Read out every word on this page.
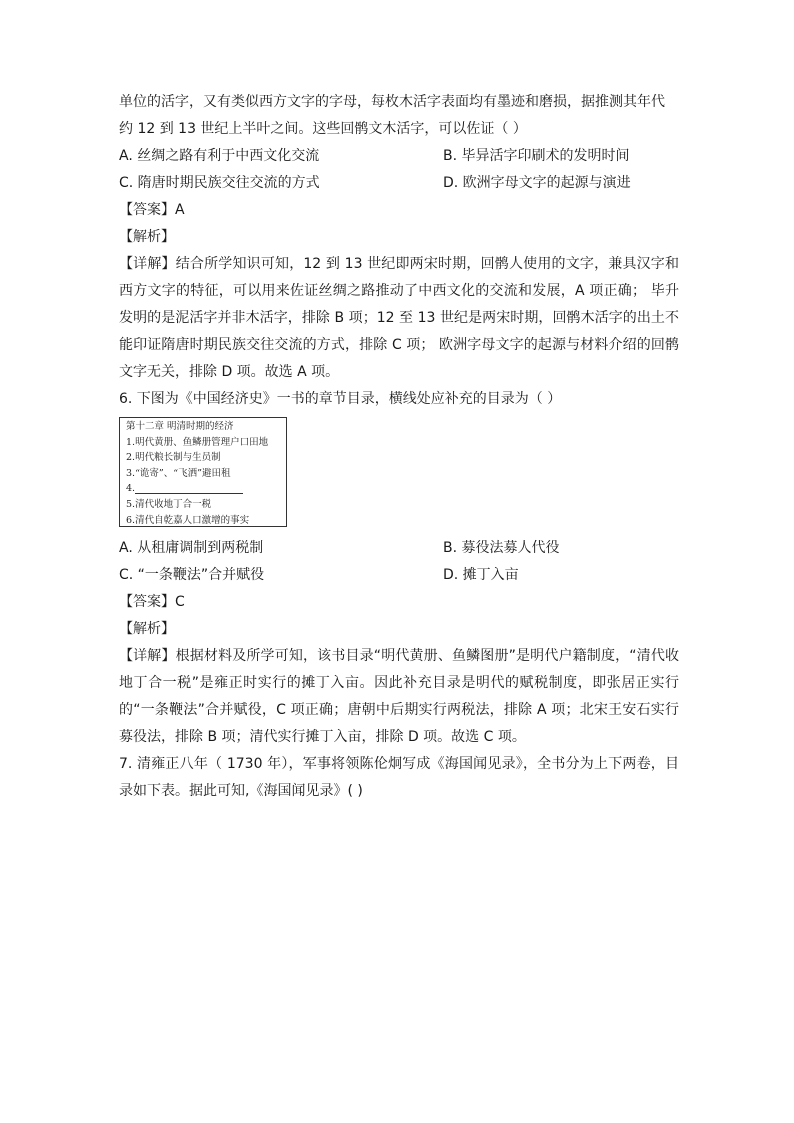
单位的活字，又有类似西方文字的字母，每枚木活字表面均有墨迹和磨损，据推测其年代
约 12 到 13 世纪上半叶之间。这些回鹘文木活字，可以佐证（ ）
A. 丝绸之路有利于中西文化交流	B. 毕异活字印刷术的发明时间
C. 隋唐时期民族交往交流的方式	D. 欧洲字母文字的起源与演进
【答案】A
【解析】
【详解】结合所学知识可知，12 到 13 世纪即两宋时期，回鹘人使用的文字，兼具汉字和西方文字的特征，可以用来佐证丝绸之路推动了中西文化的交流和发展，A 项正确； 毕升发明的是泥活字并非木活字，排除 B 项；12 至 13 世纪是两宋时期，回鹘木活字的出土不能印证隋唐时期民族交往交流的方式，排除 C 项； 欧洲字母文字的起源与材料介绍的回鹘文字无关，排除 D 项。故选 A 项。
6. 下图为《中国经济史》一书的章节目录，横线处应补充的目录为（ ）
第十二章 明清时期的经济
1.明代黄册、鱼鳞册管理户口田地
2.明代粮长制与生员制
3.“诡寄”、“飞洒”避田租
4.
5.清代收地丁合一税
6.清代自乾嘉人口激增的事实
A. 从租庸调制到两税制	B. 募役法募人代役
C. “一条鞭法”合并赋役	D. 摊丁入亩
【答案】C
【解析】
【详解】根据材料及所学可知，该书目录“明代黄册、鱼鳞图册”是明代户籍制度，“清代收地丁合一税”是雍正时实行的摊丁入亩。因此补充目录是明代的赋税制度，即张居正实行的“一条鞭法”合并赋役，C 项正确；唐朝中后期实行两税法，排除 A 项；北宋王安石实行募役法，排除 B 项；清代实行摊丁入亩，排除 D 项。故选 C 项。
7. 清雍正八年（ 1730 年），军事将领陈伦炯写成《海国闻见录》，全书分为上下两卷，目录如下表。据此可知,《海国闻见录》( )
